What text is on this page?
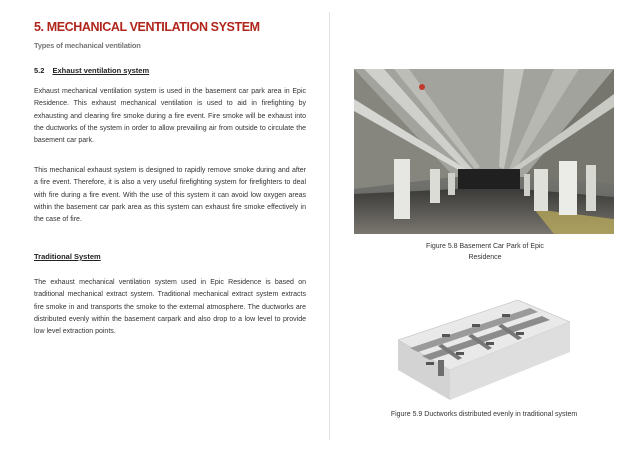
5. MECHANICAL VENTILATION SYSTEM
Types of mechanical ventilation
5.2 Exhaust ventilation system

Exhaust mechanical ventilation system is used in the basement car park area in Epic Residence. This exhaust mechanical ventilation is used to aid in firefighting by exhausting and clearing fire smoke during a fire event. Fire smoke will be exhaust into the ductworks of the system in order to allow prevailing air from outside to circulate the basement car park.

This mechanical exhaust system is designed to rapidly remove smoke during and after a fire event. Therefore, it is also a very useful firefighting system for firefighters to deal with fire during a fire event. With the use of this system it can avoid low oxygen areas within the basement car park area as this system can exhaust fire smoke effectively in the case of fire.

Traditional System

The exhaust mechanical ventilation system used in Epic Residence is based on traditional mechanical extract system. Traditional mechanical extract system extracts fire smoke in and transports the smoke to the external atmosphere. The ductworks are distributed evenly within the basement carpark and also drop to a low level to provide low level extraction points.

Figure 5.8 Basement Car Park of Epic Residence
Figure 5.9 Ductworks distributed evenly in traditional system
